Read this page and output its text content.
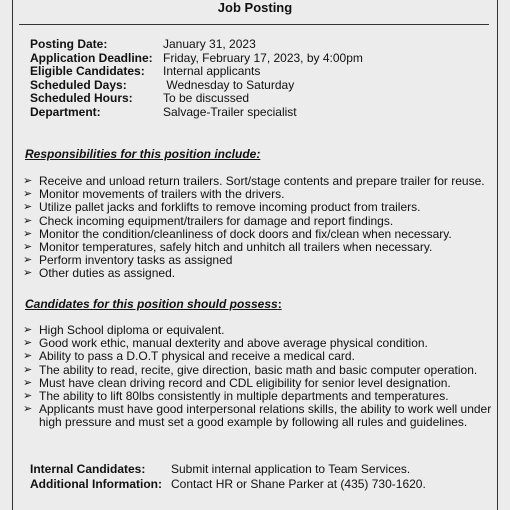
Job Posting
Posting Date:	January 31, 2023
Application Deadline: Friday, February 17, 2023, by 4:00pm
Eligible Candidates:	Internal applicants
Scheduled Days:	Wednesday to Saturday
Scheduled Hours:	To be discussed
Department:	Salvage-Trailer specialist
Responsibilities for this position include:
➢ Receive and unload return trailers. Sort/stage contents and prepare trailer for reuse.
➢ Monitor movements of trailers with the drivers.
➢ Utilize pallet jacks and forklifts to remove incoming product from trailers.
➢ Check incoming equipment/trailers for damage and report findings.
➢ Monitor the condition/cleanliness of dock doors and fix/clean when necessary.
➢ Monitor temperatures, safely hitch and unhitch all trailers when necessary.
➢ Perform inventory tasks as assigned
➢ Other duties as assigned.
Candidates for this position should possess:
➢ High School diploma or equivalent.
➢ Good work ethic, manual dexterity and above average physical condition.
➢ Ability to pass a D.O.T physical and receive a medical card.
➢ The ability to read, recite, give direction, basic math and basic computer operation.
➢ Must have clean driving record and CDL eligibility for senior level designation.
➢ The ability to lift 80lbs consistently in multiple departments and temperatures.
➢ Applicants must have good interpersonal relations skills, the ability to work well under high pressure and must set a good example by following all rules and guidelines.
Internal Candidates:	Submit internal application to Team Services.
Additional Information: Contact HR or Shane Parker at (435) 730-1620.
